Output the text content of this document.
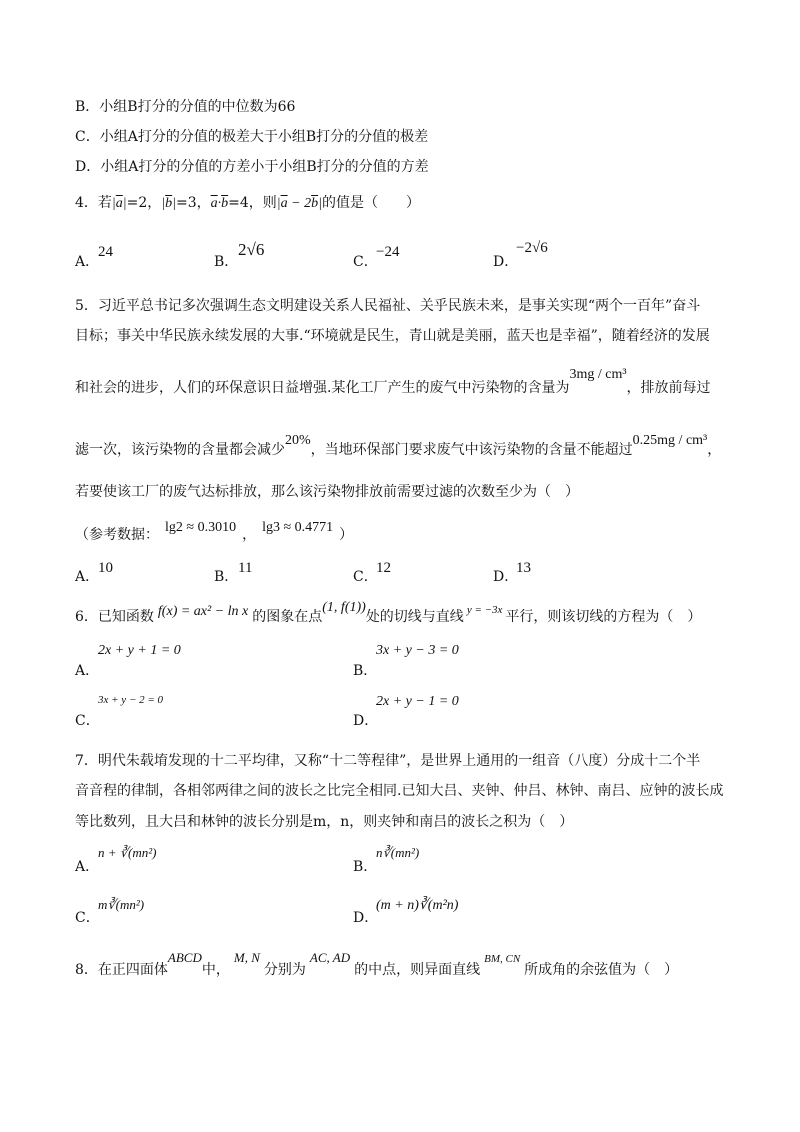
B．小组B打分的分值的中位数为66
C．小组A打分的分值的极差大于小组B打分的分值的极差
D．小组A打分的分值的方差小于小组B打分的分值的方差
4．若$|\overline{a}|=2$，$|\overline{b}|=3$，$\overline{a}\cdot\overline{b}=4$，则$|\overline{a} - 2\overline{b}|$的值是（　　）
A．
24
B．
2√6
C．
−24
D．
−2√6
5．习近平总书记多次强调生态文明建设关系人民福祉、关乎民族未来，是事关实现“两个一百年”奋斗
目标；事关中华民族永续发展的大事.“环境就是民生，青山就是美丽，蓝天也是幸福”，随着经济的发展
和社会的进步，人们的环保意识日益增强.某化工厂产生的废气中污染物的含量为3mg / cm³，排放前每过
滤一次，该污染物的含量都会减少20%，当地环保部门要求废气中该污染物的含量不能超过0.25mg / cm³，
若要使该工厂的废气达标排放，那么该污染物排放前需要过滤的次数至少为（　）
（参考数据： lg2 ≈ 0.3010 ， lg3 ≈ 0.4771 ）
A．
10
B．
11
C．
12
D．
13
6．已知函数 f(x) = ax² − ln x 的图象在点(1, f(1))处的切线与直线 $^{y = -3x}$ 平行，则该切线的方程为（　）
A．
2x + y + 1 = 0
B．
3x + y − 3 = 0
C．
3x + y − 2 = 0
D．
2x + y − 1 = 0
7．明代朱载堉发现的十二平均律，又称“十二等程律”，是世界上通用的一组音（八度）分成十二个半
音音程的律制，各相邻两律之间的波长之比完全相同.已知大吕、夹钟、仲吕、林钟、南吕、应钟的波长成
等比数列，且大吕和林钟的波长分别是m，n，则夹钟和南吕的波长之积为（　）
A．
n + ∛(mn²)
B．
n∛(mn²)
C．
m∛(mn²)
D．
(m + n)∛(m²n)
8．在正四面体ABCD中，M, N分别为AC, AD的中点，则异面直线$^{BM, CN}$所成角的余弦值为（　）
